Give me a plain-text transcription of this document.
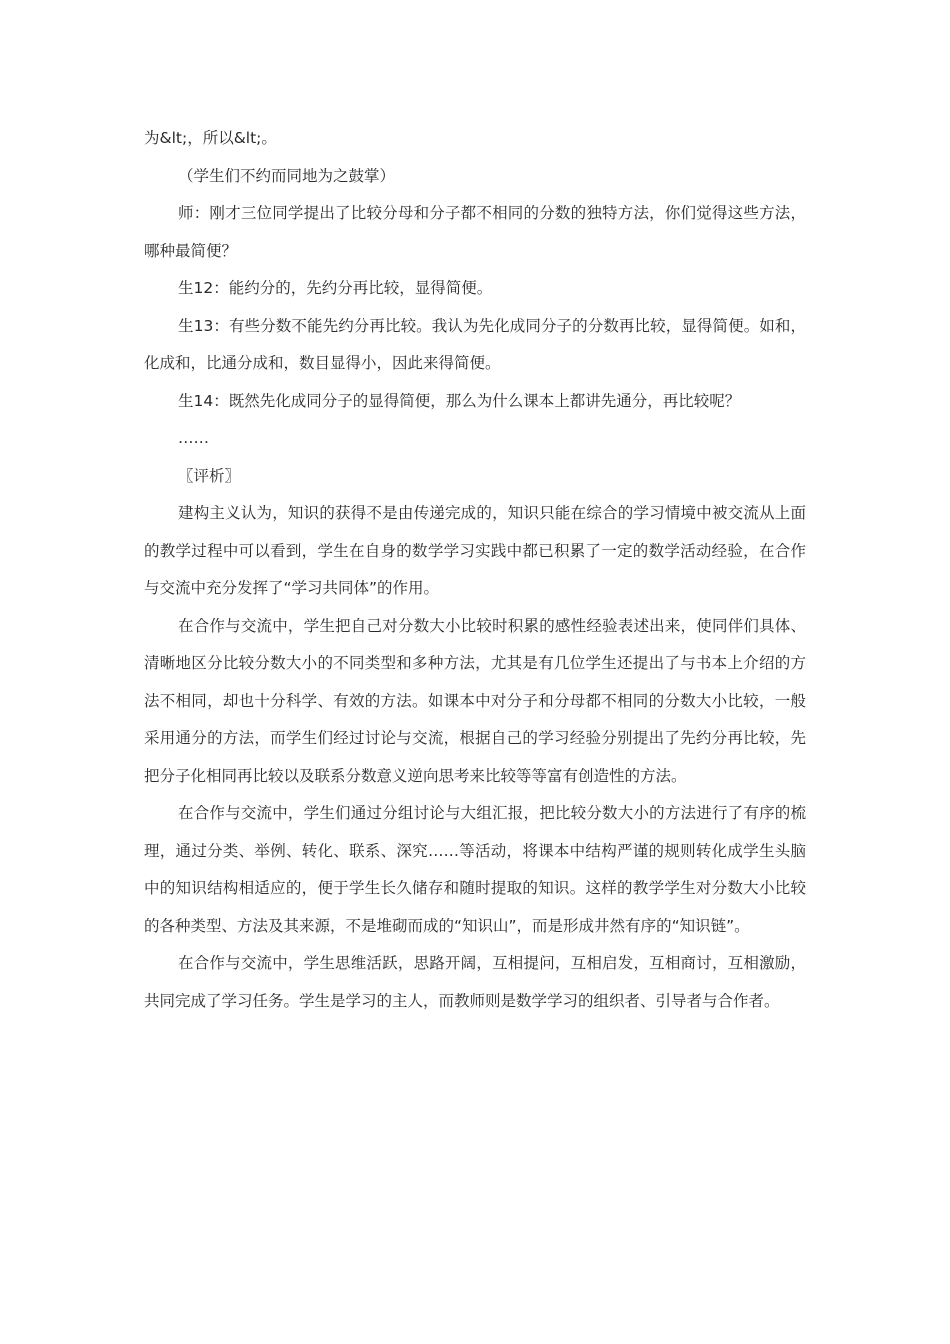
为&lt;，所以&lt;。

（学生们不约而同地为之鼓掌）

师：刚才三位同学提出了比较分母和分子都不相同的分数的独特方法，你们觉得这些方法，哪种最简便？

生12：能约分的，先约分再比较，显得简便。

生13：有些分数不能先约分再比较。我认为先化成同分子的分数再比较，显得简便。如和，化成和，比通分成和，数目显得小，因此来得简便。

生14：既然先化成同分子的显得简便，那么为什么课本上都讲先通分，再比较呢？

……

〖评析〗

建构主义认为，知识的获得不是由传递完成的，知识只能在综合的学习情境中被交流从上面的教学过程中可以看到，学生在自身的数学学习实践中都已积累了一定的数学活动经验，在合作与交流中充分发挥了“学习共同体”的作用。

在合作与交流中，学生把自己对分数大小比较时积累的感性经验表述出来，使同伴们具体、清晰地区分比较分数大小的不同类型和多种方法，尤其是有几位学生还提出了与书本上介绍的方法不相同，却也十分科学、有效的方法。如课本中对分子和分母都不相同的分数大小比较，一般采用通分的方法，而学生们经过讨论与交流，根据自己的学习经验分别提出了先约分再比较，先把分子化相同再比较以及联系分数意义逆向思考来比较等等富有创造性的方法。

在合作与交流中，学生们通过分组讨论与大组汇报，把比较分数大小的方法进行了有序的梳理，通过分类、举例、转化、联系、深究……等活动，将课本中结构严谨的规则转化成学生头脑中的知识结构相适应的，便于学生长久储存和随时提取的知识。这样的教学学生对分数大小比较的各种类型、方法及其来源，不是堆砌而成的“知识山”，而是形成井然有序的“知识链”。

在合作与交流中，学生思维活跃，思路开阔，互相提问，互相启发，互相商讨，互相激励，共同完成了学习任务。学生是学习的主人，而教师则是数学学习的组织者、引导者与合作者。
